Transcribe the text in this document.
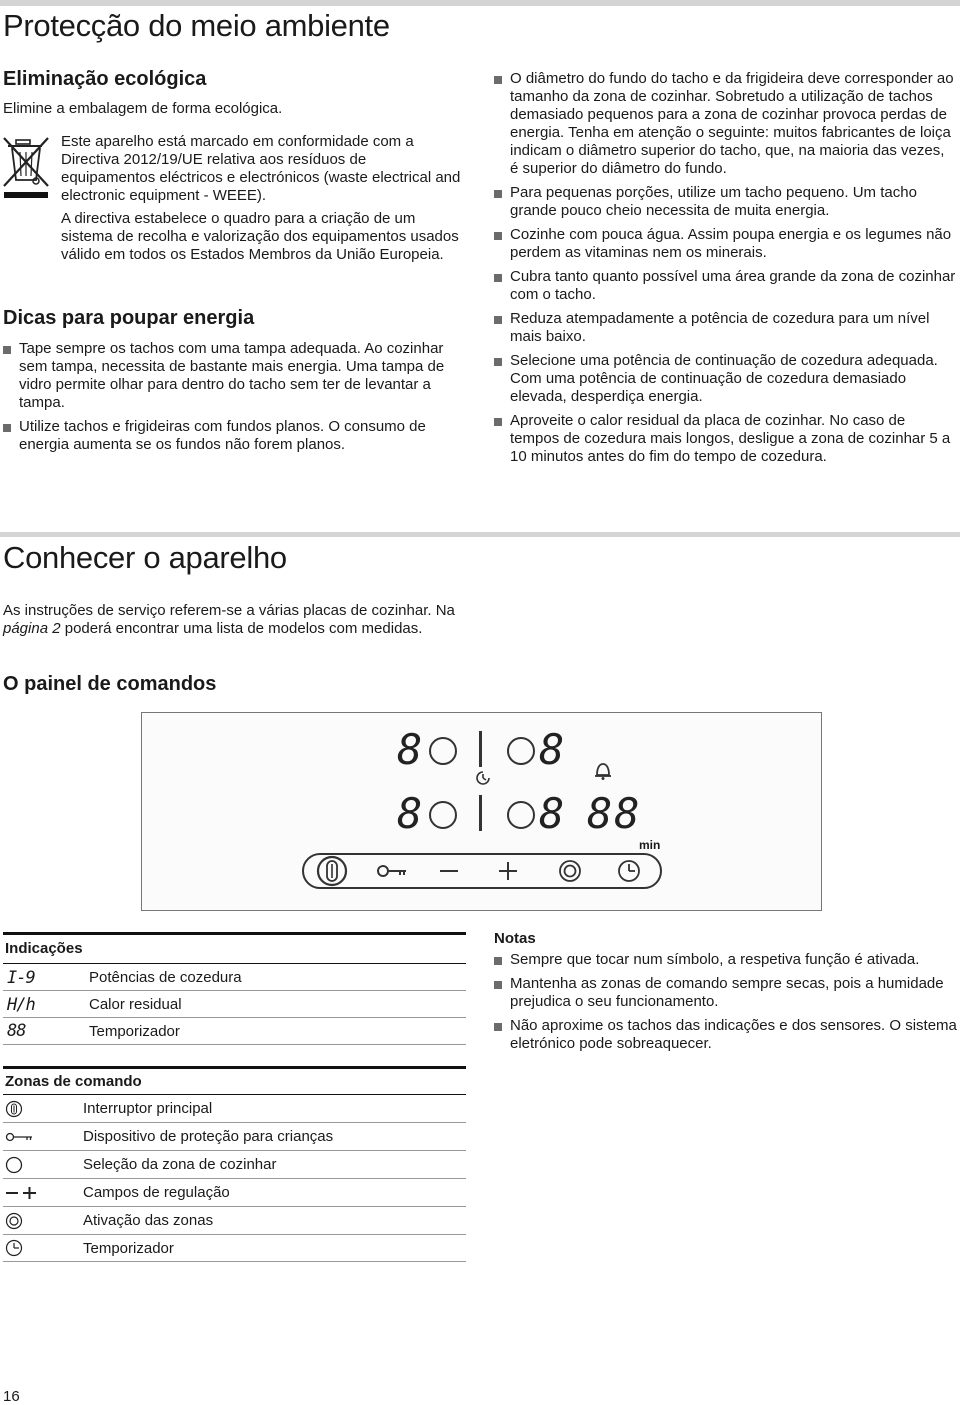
Protecção do meio ambiente
Eliminação ecológica

Elimine a embalagem de forma ecológica.

Este aparelho está marcado em conformidade com a Directiva 2012/19/UE relativa aos resíduos de equipamentos eléctricos e electrónicos (waste electrical and electronic equipment - WEEE).

A directiva estabelece o quadro para a criação de um sistema de recolha e valorização dos equipamentos usados válido em todos os Estados Membros da União Europeia.

Dicas para poupar energia
Tape sempre os tachos com uma tampa adequada. Ao cozinhar sem tampa, necessita de bastante mais energia. Uma tampa de vidro permite olhar para dentro do tacho sem ter de levantar a tampa.
Utilize tachos e frigideiras com fundos planos. O consumo de energia aumenta se os fundos não forem planos.
O diâmetro do fundo do tacho e da frigideira deve corresponder ao tamanho da zona de cozinhar. Sobretudo a utilização de tachos demasiado pequenos para a zona de cozinhar provoca perdas de energia. Tenha em atenção o seguinte: muitos fabricantes de loiça indicam o diâmetro superior do tacho, que, na maioria das vezes, é superior do diâmetro do fundo.
Para pequenas porções, utilize um tacho pequeno. Um tacho grande pouco cheio necessita de muita energia.
Cozinhe com pouca água. Assim poupa energia e os legumes não perdem as vitaminas nem os minerais.
Cubra tanto quanto possível uma área grande da zona de cozinhar com o tacho.
Reduza atempadamente a potência de cozedura para um nível mais baixo.
Selecione uma potência de continuação de cozedura adequada. Com uma potência de continuação de cozedura demasiado elevada, desperdiça energia.
Aproveite o calor residual da placa de cozinhar. No caso de tempos de cozedura mais longos, desligue a zona de cozinhar 5 a 10 minutos antes do fim do tempo de cozedura.
Conhecer o aparelho

As instruções de serviço referem-se a várias placas de cozinhar. Na página 2 poderá encontrar uma lista de modelos com medidas.

O painel de comandos
8	8
8	8 88
min
Indicações
I-9	Potências de cozedura
H/h	Calor residual
88	Temporizador
Notas
Sempre que tocar num símbolo, a respetiva função é ativada.
Mantenha as zonas de comando sempre secas, pois a humidade prejudica o seu funcionamento.
Não aproxime os tachos das indicações e dos sensores. O sistema eletrónico pode sobreaquecer.
Zonas de comando
Interruptor principal
Dispositivo de proteção para crianças
Seleção da zona de cozinhar
Campos de regulação
Ativação das zonas
Temporizador
16
